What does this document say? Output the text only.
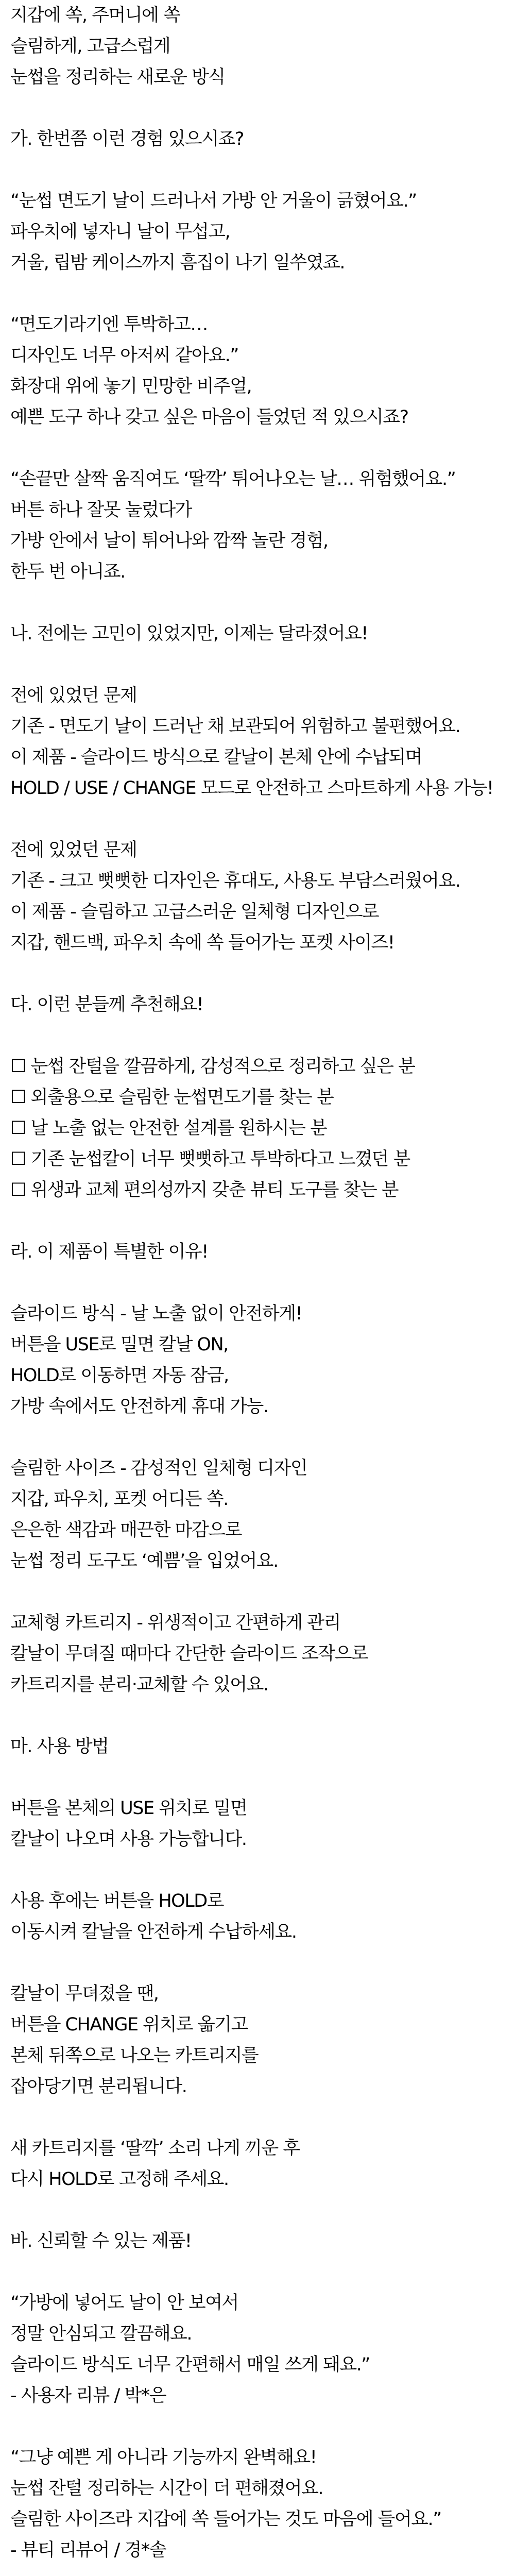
지갑에 쏙, 주머니에 쏙
슬림하게, 고급스럽게
눈썹을 정리하는 새로운 방식
가. 한번쯤 이런 경험 있으시죠?
“눈썹 면도기 날이 드러나서 가방 안 거울이 긁혔어요.”
파우치에 넣자니 날이 무섭고,
거울, 립밤 케이스까지 흠집이 나기 일쑤였죠.
“면도기라기엔 투박하고…
디자인도 너무 아저씨 같아요.”
화장대 위에 놓기 민망한 비주얼,
예쁜 도구 하나 갖고 싶은 마음이 들었던 적 있으시죠?
“손끝만 살짝 움직여도 ‘딸깍’ 튀어나오는 날… 위험했어요.”
버튼 하나 잘못 눌렀다가
가방 안에서 날이 튀어나와 깜짝 놀란 경험,
한두 번 아니죠.
나. 전에는 고민이 있었지만, 이제는 달라졌어요!
전에 있었던 문제
기존 - 면도기 날이 드러난 채 보관되어 위험하고 불편했어요.
이 제품 - 슬라이드 방식으로 칼날이 본체 안에 수납되며
HOLD / USE / CHANGE 모드로 안전하고 스마트하게 사용 가능!
전에 있었던 문제
기존 - 크고 뻣뻣한 디자인은 휴대도, 사용도 부담스러웠어요.
이 제품 - 슬림하고 고급스러운 일체형 디자인으로
지갑, 핸드백, 파우치 속에 쏙 들어가는 포켓 사이즈!
다. 이런 분들께 추천해요!
☐ 눈썹 잔털을 깔끔하게, 감성적으로 정리하고 싶은 분
☐ 외출용으로 슬림한 눈썹면도기를 찾는 분
☐ 날 노출 없는 안전한 설계를 원하시는 분
☐ 기존 눈썹칼이 너무 뻣뻣하고 투박하다고 느꼈던 분
☐ 위생과 교체 편의성까지 갖춘 뷰티 도구를 찾는 분
라. 이 제품이 특별한 이유!
슬라이드 방식 - 날 노출 없이 안전하게!
버튼을 USE로 밀면 칼날 ON,
HOLD로 이동하면 자동 잠금,
가방 속에서도 안전하게 휴대 가능.
슬림한 사이즈 - 감성적인 일체형 디자인
지갑, 파우치, 포켓 어디든 쏙.
은은한 색감과 매끈한 마감으로
눈썹 정리 도구도 ‘예쁨’을 입었어요.
교체형 카트리지 - 위생적이고 간편하게 관리
칼날이 무뎌질 때마다 간단한 슬라이드 조작으로
카트리지를 분리·교체할 수 있어요.
마. 사용 방법
버튼을 본체의 USE 위치로 밀면
칼날이 나오며 사용 가능합니다.
사용 후에는 버튼을 HOLD로
이동시켜 칼날을 안전하게 수납하세요.
칼날이 무뎌졌을 땐,
버튼을 CHANGE 위치로 옮기고
본체 뒤쪽으로 나오는 카트리지를
잡아당기면 분리됩니다.
새 카트리지를 ‘딸깍’ 소리 나게 끼운 후
다시 HOLD로 고정해 주세요.
바. 신뢰할 수 있는 제품!
“가방에 넣어도 날이 안 보여서
정말 안심되고 깔끔해요.
슬라이드 방식도 너무 간편해서 매일 쓰게 돼요.”
- 사용자 리뷰 / 박*은
“그냥 예쁜 게 아니라 기능까지 완벽해요!
눈썹 잔털 정리하는 시간이 더 편해졌어요.
슬림한 사이즈라 지갑에 쏙 들어가는 것도 마음에 들어요.”
- 뷰티 리뷰어 / 경*솔
